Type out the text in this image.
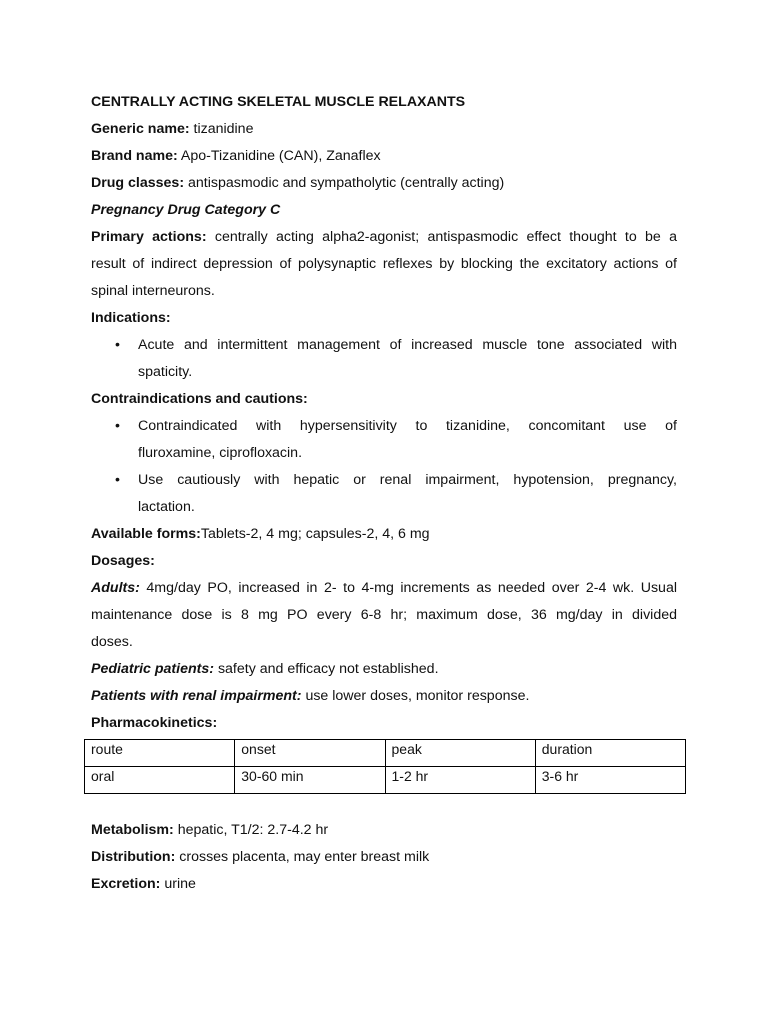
CENTRALLY ACTING SKELETAL MUSCLE RELAXANTS
Generic name: tizanidine
Brand name: Apo-Tizanidine (CAN), Zanaflex
Drug classes: antispasmodic and sympatholytic (centrally acting)
Pregnancy Drug Category C
Primary actions: centrally acting alpha2-agonist; antispasmodic effect thought to be a
result of indirect depression of polysynaptic reflexes by blocking the excitatory actions of
spinal interneurons.
Indications:
• Acute and intermittent management of increased muscle tone associated with
spaticity.
Contraindications and cautions:
• Contraindicated with hypersensitivity to tizanidine, concomitant use of
fluroxamine, ciprofloxacin.
• Use cautiously with hepatic or renal impairment, hypotension, pregnancy,
lactation.
Available forms:Tablets-2, 4 mg; capsules-2, 4, 6 mg
Dosages:
Adults: 4mg/day PO, increased in 2- to 4-mg increments as needed over 2-4 wk. Usual
maintenance dose is 8 mg PO every 6-8 hr; maximum dose, 36 mg/day in divided
doses.
Pediatric patients: safety and efficacy not established.
Patients with renal impairment: use lower doses, monitor response.
Pharmacokinetics:
route	onset	peak	duration
oral	30-60 min	1-2 hr	3-6 hr
Metabolism: hepatic, T1/2: 2.7-4.2 hr
Distribution: crosses placenta, may enter breast milk
Excretion: urine
